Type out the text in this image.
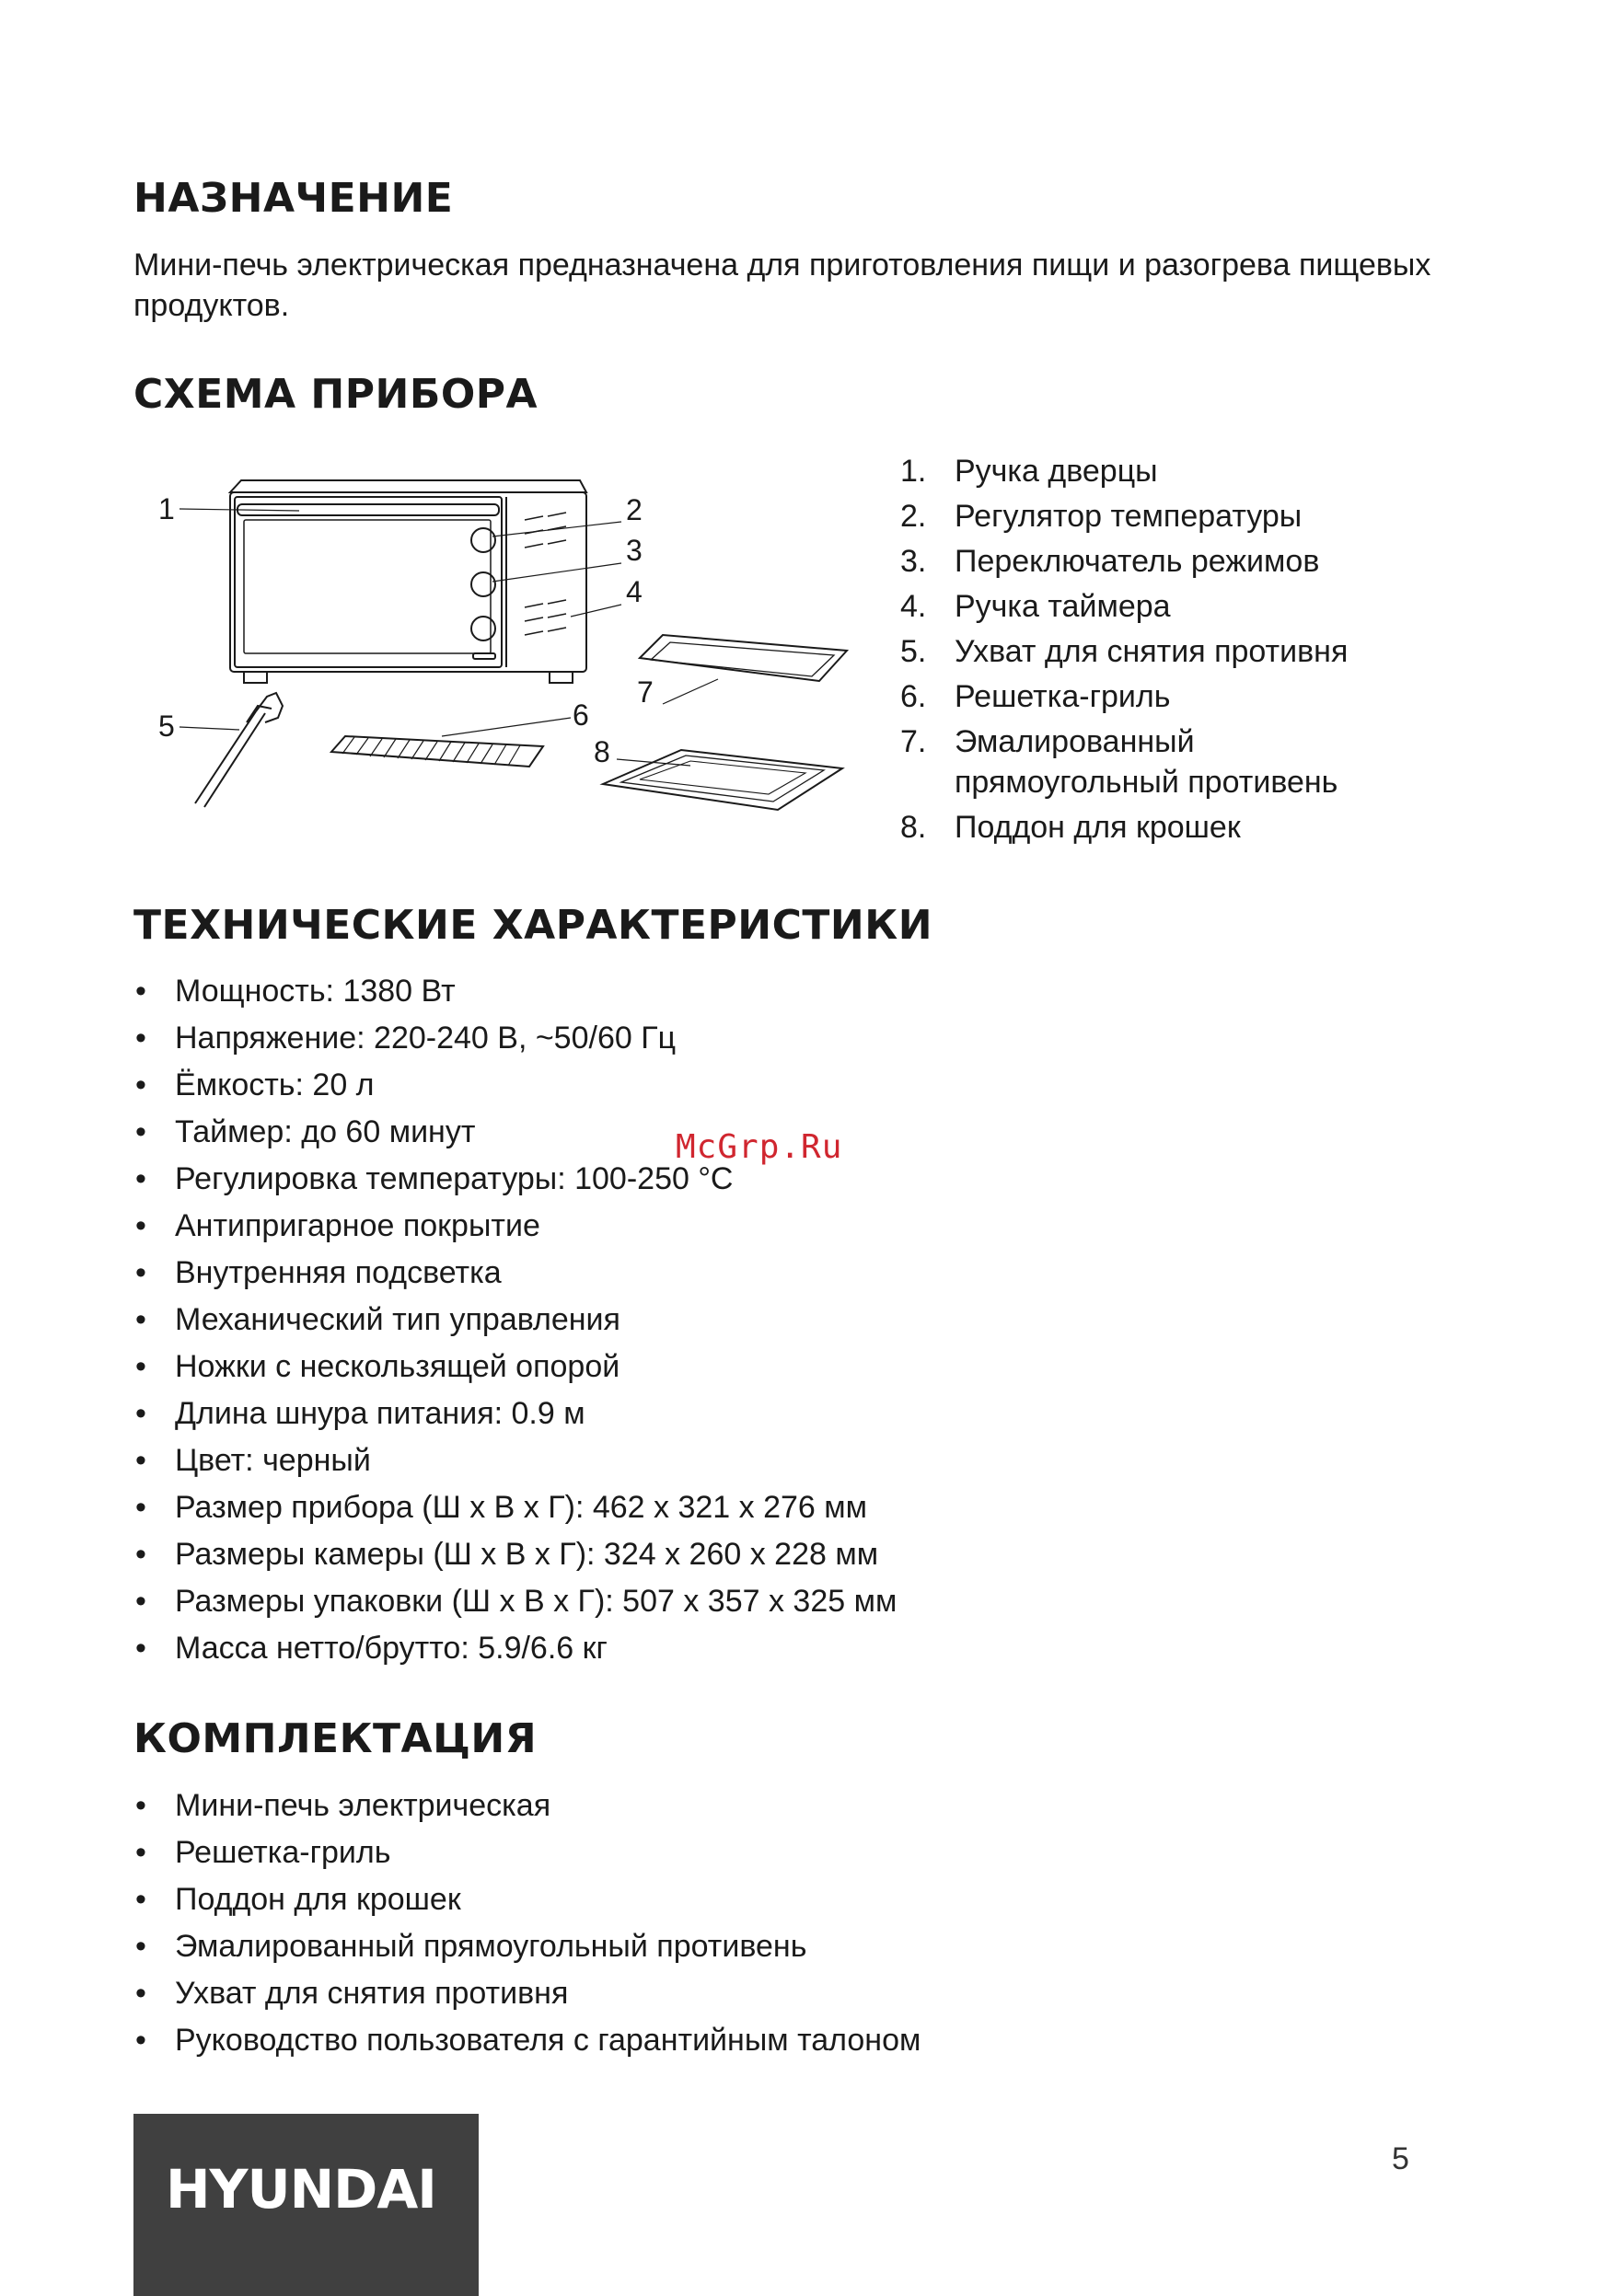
НАЗНАЧЕНИЕ

Мини-печь электрическая предназначена для приготовления пищи и разогрева пищевых продуктов.

СХЕМА ПРИБОРА
1	2
3
4
5	6
7
8
1. Ручка дверцы
2. Регулятор температуры
3. Переключатель режимов
4. Ручка таймера
5. Ухват для снятия противня
6. Решетка-гриль
7. Эмалированный прямоугольный противень
8. Поддон для крошек
ТЕХНИЧЕСКИЕ ХАРАКТЕРИСТИКИ
• Мощность: 1380 Вт
• Напряжение: 220-240 В, ~50/60 Гц
• Ёмкость: 20 л
• Таймер: до 60 минут
• Регулировка температуры: 100-250 °С
• Антипригарное покрытие
• Внутренняя подсветка
• Механический тип управления
• Ножки с нескользящей опорой
• Длина шнура питания: 0.9 м
• Цвет: черный
• Размер прибора (Ш х В х Г): 462 х 321 х 276 мм
• Размеры камеры (Ш х В х Г): 324 х 260 х 228 мм
• Размеры упаковки (Ш х В х Г): 507 х 357 х 325 мм
• Масса нетто/брутто: 5.9/6.6 кг
McGrp.Ru
КОМПЛЕКТАЦИЯ
• Мини-печь электрическая
• Решетка-гриль
• Поддон для крошек
• Эмалированный прямоугольный противень
• Ухват для снятия противня
• Руководство пользователя с гарантийным талоном
HYUNDAI	5
